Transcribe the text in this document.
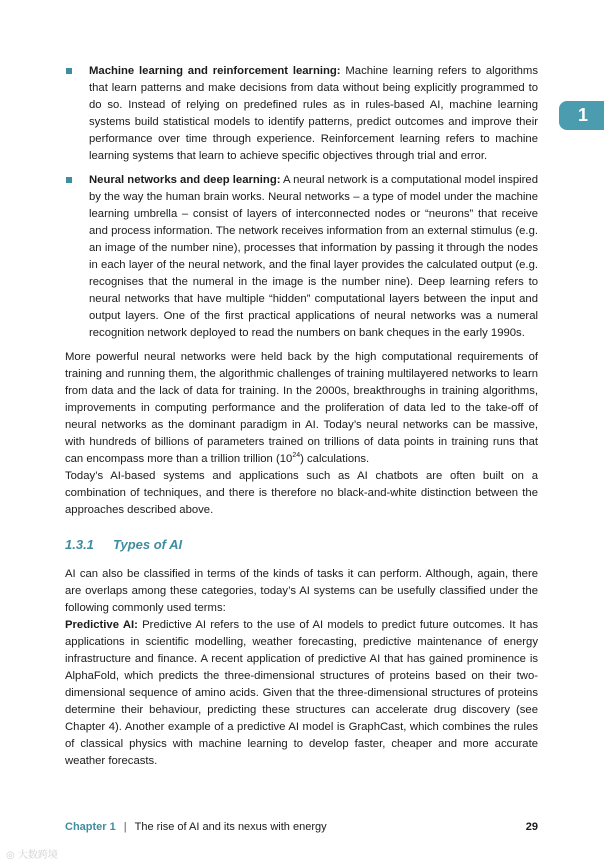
1

Machine learning and reinforcement learning: Machine learning refers to algorithms that learn patterns and make decisions from data without being explicitly programmed to do so. Instead of relying on predefined rules as in rules-based AI, machine learning systems build statistical models to identify patterns, predict outcomes and improve their performance over time through experience. Reinforcement learning refers to machine learning systems that learn to achieve specific objectives through trial and error.

Neural networks and deep learning: A neural network is a computational model inspired by the way the human brain works. Neural networks – a type of model under the machine learning umbrella – consist of layers of interconnected nodes or “neurons” that receive and process information. The network receives information from an external stimulus (e.g. an image of the number nine), processes that information by passing it through the nodes in each layer of the neural network, and the final layer provides the calculated output (e.g. recognises that the numeral in the image is the number nine). Deep learning refers to neural networks that have multiple “hidden” computational layers between the input and output layers. One of the first practical applications of neural networks was a numeral recognition network deployed to read the numbers on bank cheques in the early 1990s.

More powerful neural networks were held back by the high computational requirements of training and running them, the algorithmic challenges of training multilayered networks to learn from data and the lack of data for training. In the 2000s, breakthroughs in training algorithms, improvements in computing performance and the proliferation of data led to the take-off of neural networks as the dominant paradigm in AI. Today’s neural networks can be massive, with hundreds of billions of parameters trained on trillions of data points in training runs that can encompass more than a trillion trillion $(10^{24})$ calculations.

Today’s AI-based systems and applications such as AI chatbots are often built on a combination of techniques, and there is therefore no black-and-white distinction between the approaches described above.

1.3.1 Types of AI

AI can also be classified in terms of the kinds of tasks it can perform. Although, again, there are overlaps among these categories, today’s AI systems can be usefully classified under the following commonly used terms:

Predictive AI: Predictive AI refers to the use of AI models to predict future outcomes. It has applications in scientific modelling, weather forecasting, predictive maintenance of energy infrastructure and finance. A recent application of predictive AI that has gained prominence is AlphaFold, which predicts the three-dimensional structures of proteins based on their two-dimensional sequence of amino acids. Given that the three-dimensional structures of proteins determine their behaviour, predicting these structures can accelerate drug discovery (see Chapter 4). Another example of a predictive AI model is GraphCast, which combines the rules of classical physics with machine learning to develop faster, cheaper and more accurate weather forecasts.

Chapter 1 | The rise of AI and its nexus with energy	29
◎ 大数跨境
